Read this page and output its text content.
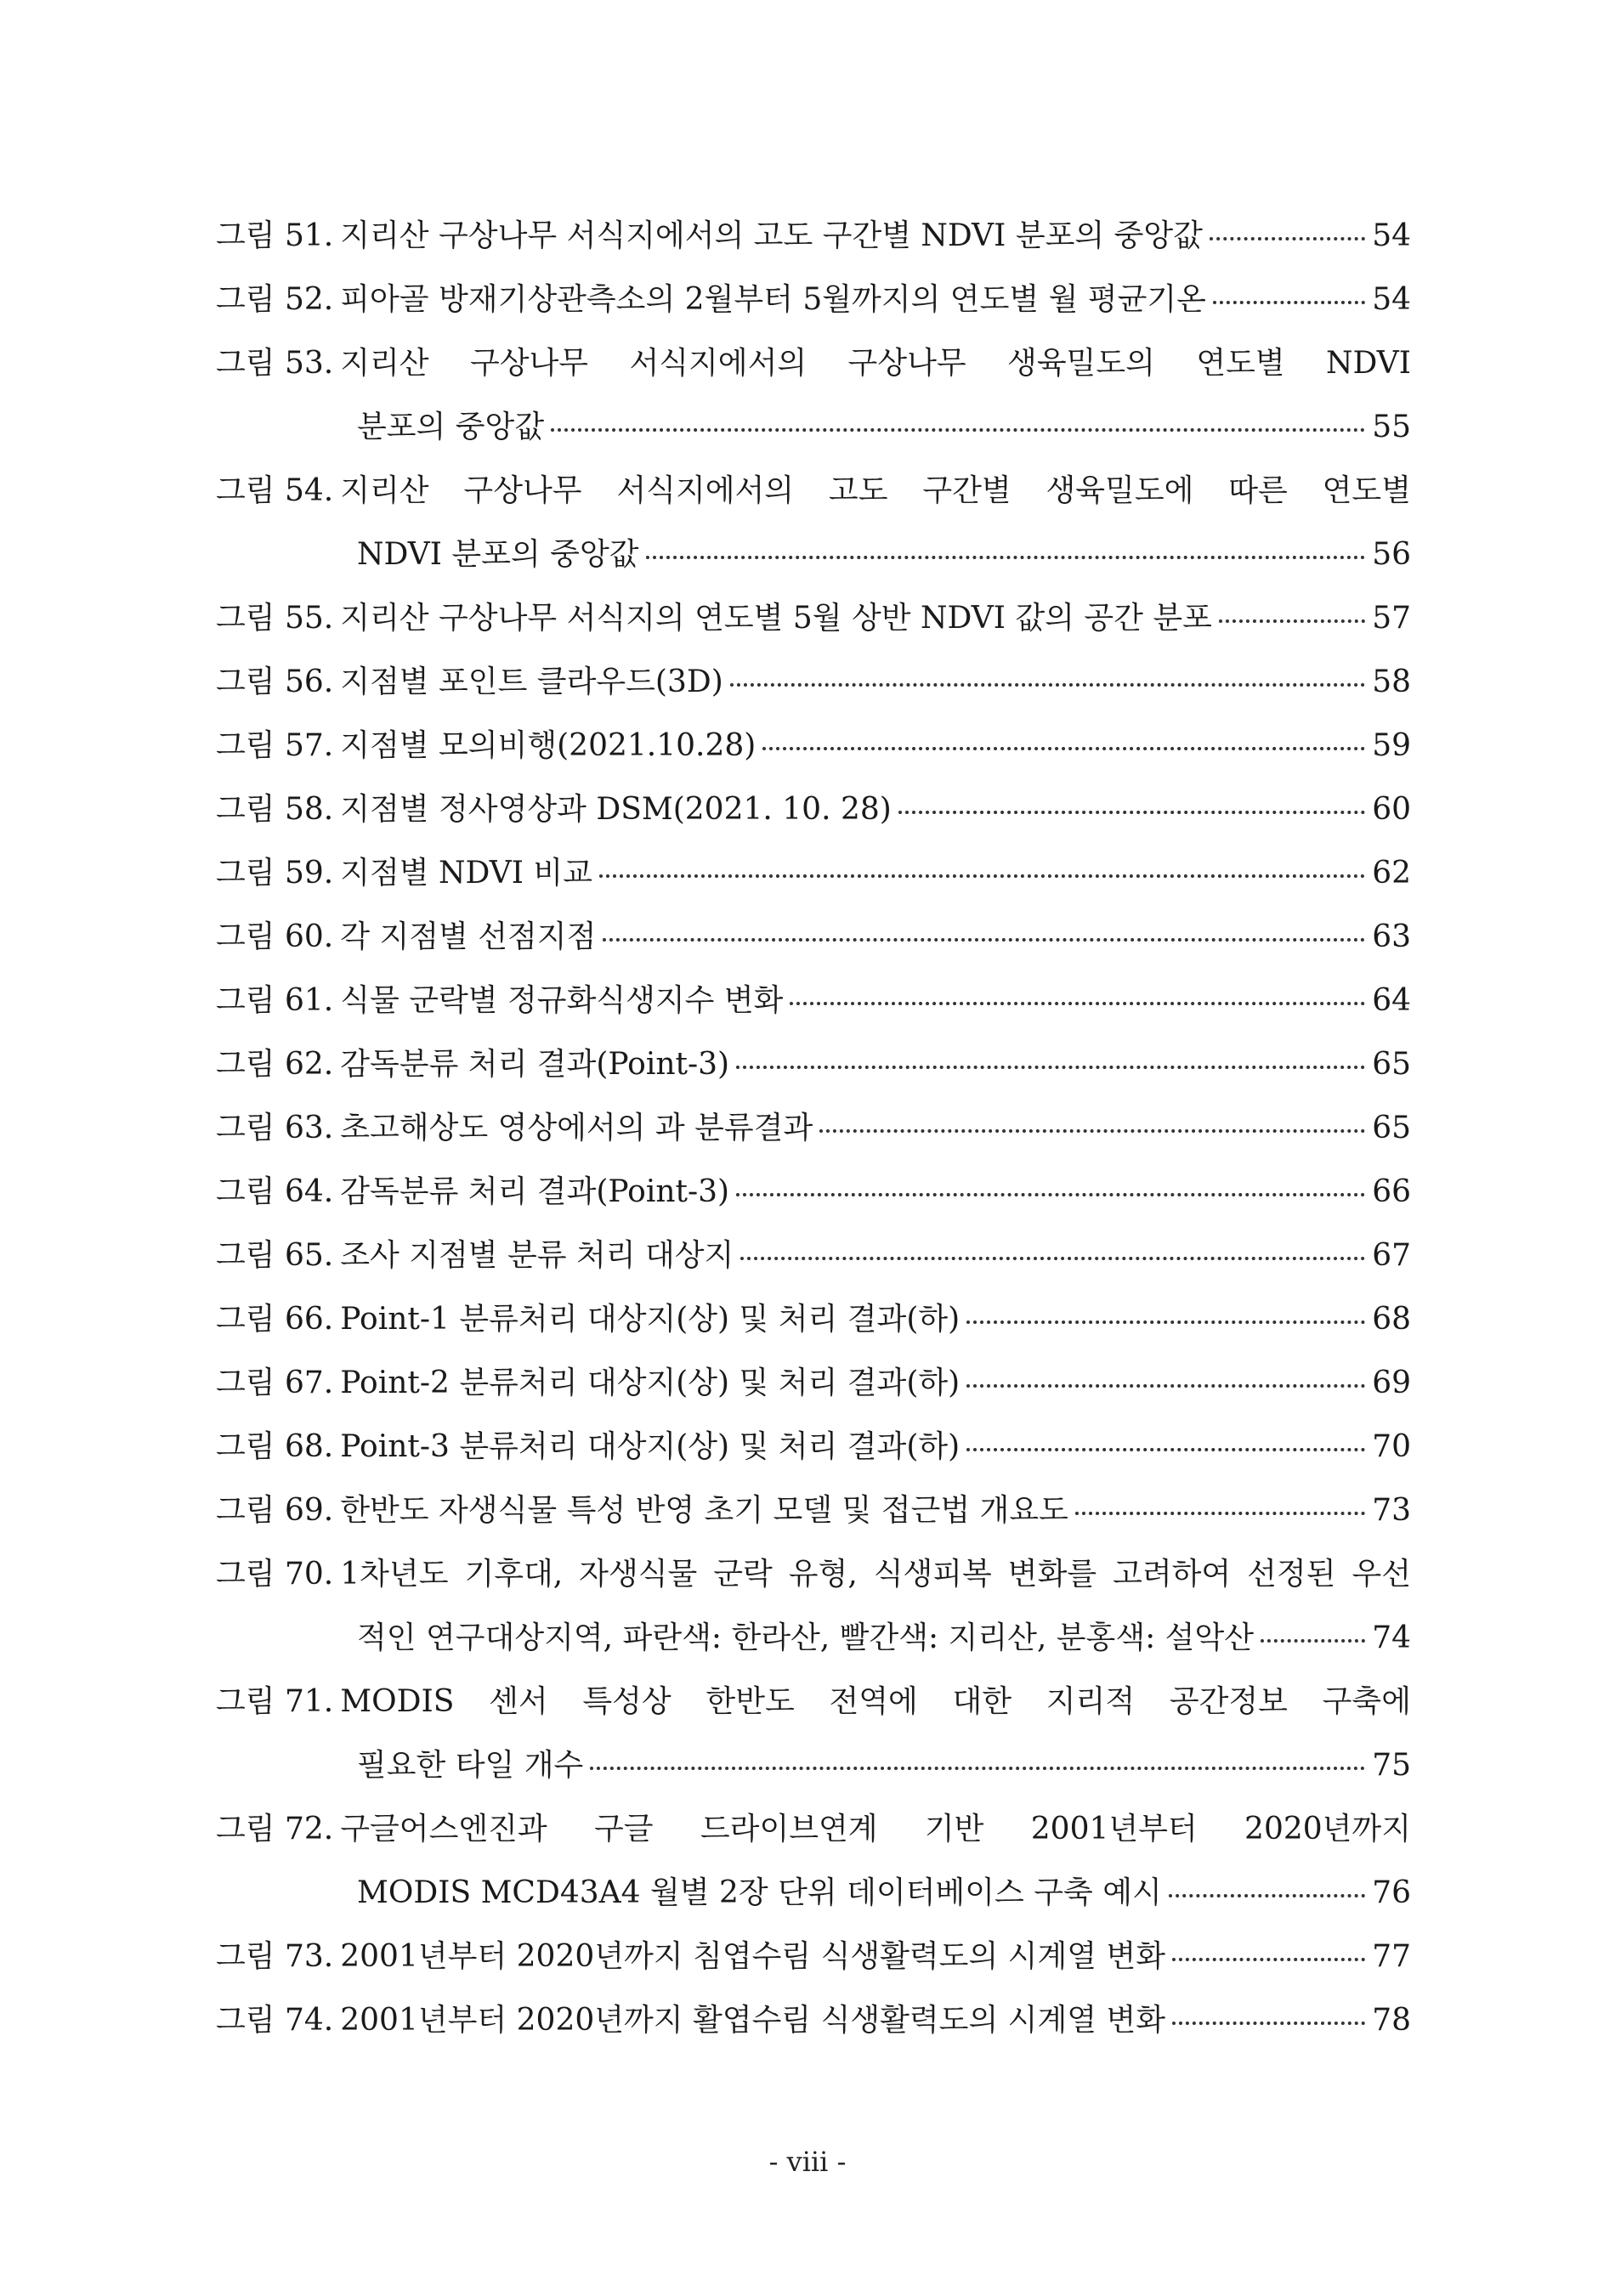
그림 51. 지리산 구상나무 서식지에서의 고도 구간별 NDVI 분포의 중앙값	54
그림 52. 피아골 방재기상관측소의 2월부터 5월까지의 연도별 월 평균기온	54
그림 53. 지리산 구상나무 서식지에서의 구상나무 생육밀도의 연도별 NDVI
분포의 중앙값	55
그림 54. 지리산 구상나무 서식지에서의 고도 구간별 생육밀도에 따른 연도별
NDVI 분포의 중앙값	56
그림 55. 지리산 구상나무 서식지의 연도별 5월 상반 NDVI 값의 공간 분포	57
그림 56. 지점별 포인트 클라우드(3D)	58
그림 57. 지점별 모의비행(2021.10.28)	59
그림 58. 지점별 정사영상과 DSM(2021. 10. 28)	60
그림 59. 지점별 NDVI 비교	62
그림 60. 각 지점별 선점지점	63
그림 61. 식물 군락별 정규화식생지수 변화	64
그림 62. 감독분류 처리 결과(Point-3)	65
그림 63. 초고해상도 영상에서의 과 분류결과	65
그림 64. 감독분류 처리 결과(Point-3)	66
그림 65. 조사 지점별 분류 처리 대상지	67
그림 66. Point-1 분류처리 대상지(상) 및 처리 결과(하)	68
그림 67. Point-2 분류처리 대상지(상) 및 처리 결과(하)	69
그림 68. Point-3 분류처리 대상지(상) 및 처리 결과(하)	70
그림 69. 한반도 자생식물 특성 반영 초기 모델 및 접근법 개요도	73
그림 70. 1차년도 기후대, 자생식물 군락 유형, 식생피복 변화를 고려하여 선정된 우선
적인 연구대상지역, 파란색: 한라산, 빨간색: 지리산, 분홍색: 설악산	74
그림 71. MODIS 센서 특성상 한반도 전역에 대한 지리적 공간정보 구축에
필요한 타일 개수	75
그림 72. 구글어스엔진과 구글 드라이브연계 기반 2001년부터 2020년까지
MODIS MCD43A4 월별 2장 단위 데이터베이스 구축 예시	76
그림 73. 2001년부터 2020년까지 침엽수림 식생활력도의 시계열 변화	77
그림 74. 2001년부터 2020년까지 활엽수림 식생활력도의 시계열 변화	78
- viii -
